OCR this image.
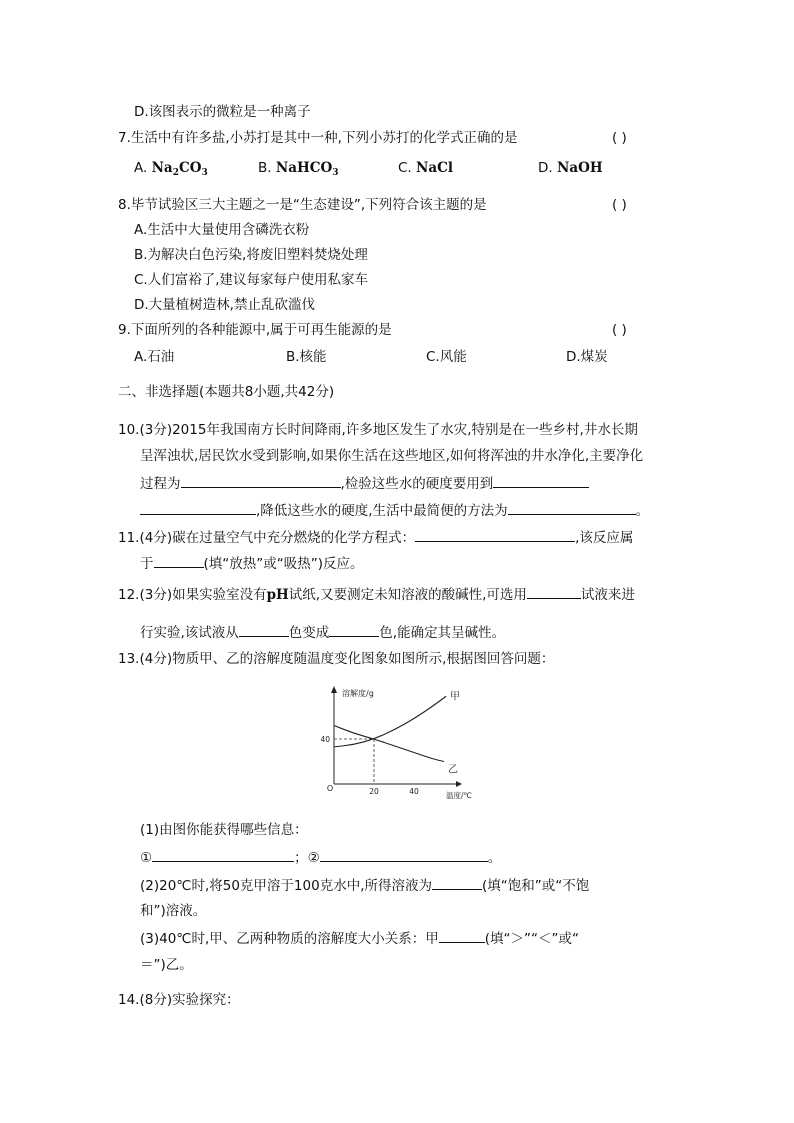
D.该图表示的微粒是一种离子
7.生活中有许多盐,小苏打是其中一种,下列小苏打的化学式正确的是	( )
A. $Na_2CO_3$	B. NaHCO$_3$	C. NaCl	D. NaOH
8.毕节试验区三大主题之一是“生态建设”,下列符合该主题的是	( )
A.生活中大量使用含磷洗衣粉
B.为解决白色污染,将废旧塑料焚烧处理
C.人们富裕了,建议每家每户使用私家车
D.大量植树造林,禁止乱砍滥伐
9.下面所列的各种能源中,属于可再生能源的是	( )
A.石油	B.核能	C.风能	D.煤炭
二、非选择题(本题共8小题,共42分)
10.(3分)2015年我国南方长时间降雨,许多地区发生了水灾,特别是在一些乡村,井水长期
呈浑浊状,居民饮水受到影响,如果你生活在这些地区,如何将浑浊的井水净化,主要净化
过程为	,检验这些水的硬度要用到
,降低这些水的硬度,生活中最简便的方法为	。
11.(4分)碳在过量空气中充分燃烧的化学方程式：	,该反应属
于	(填“放热”或“吸热”)反应。
12.(3分)如果实验室没有pH试纸,又要测定未知溶液的酸碱性,可选用	试液来进
行实验,该试液从	色变成	色,能确定其呈碱性。
13.(4分)物质甲、乙的溶解度随温度变化图象如图所示,根据图回答问题：
溶解度/g
温度/℃
O	20	40
40
甲
乙
(1)由图你能获得哪些信息：
①	；②	。
(2)20℃时,将50克甲溶于100克水中,所得溶液为	(填“饱和”或“不饱
和”)溶液。
(3)40℃时,甲、乙两种物质的溶解度大小关系：甲	(填“＞”“＜”或“
＝”)乙。
14.(8分)实验探究：
